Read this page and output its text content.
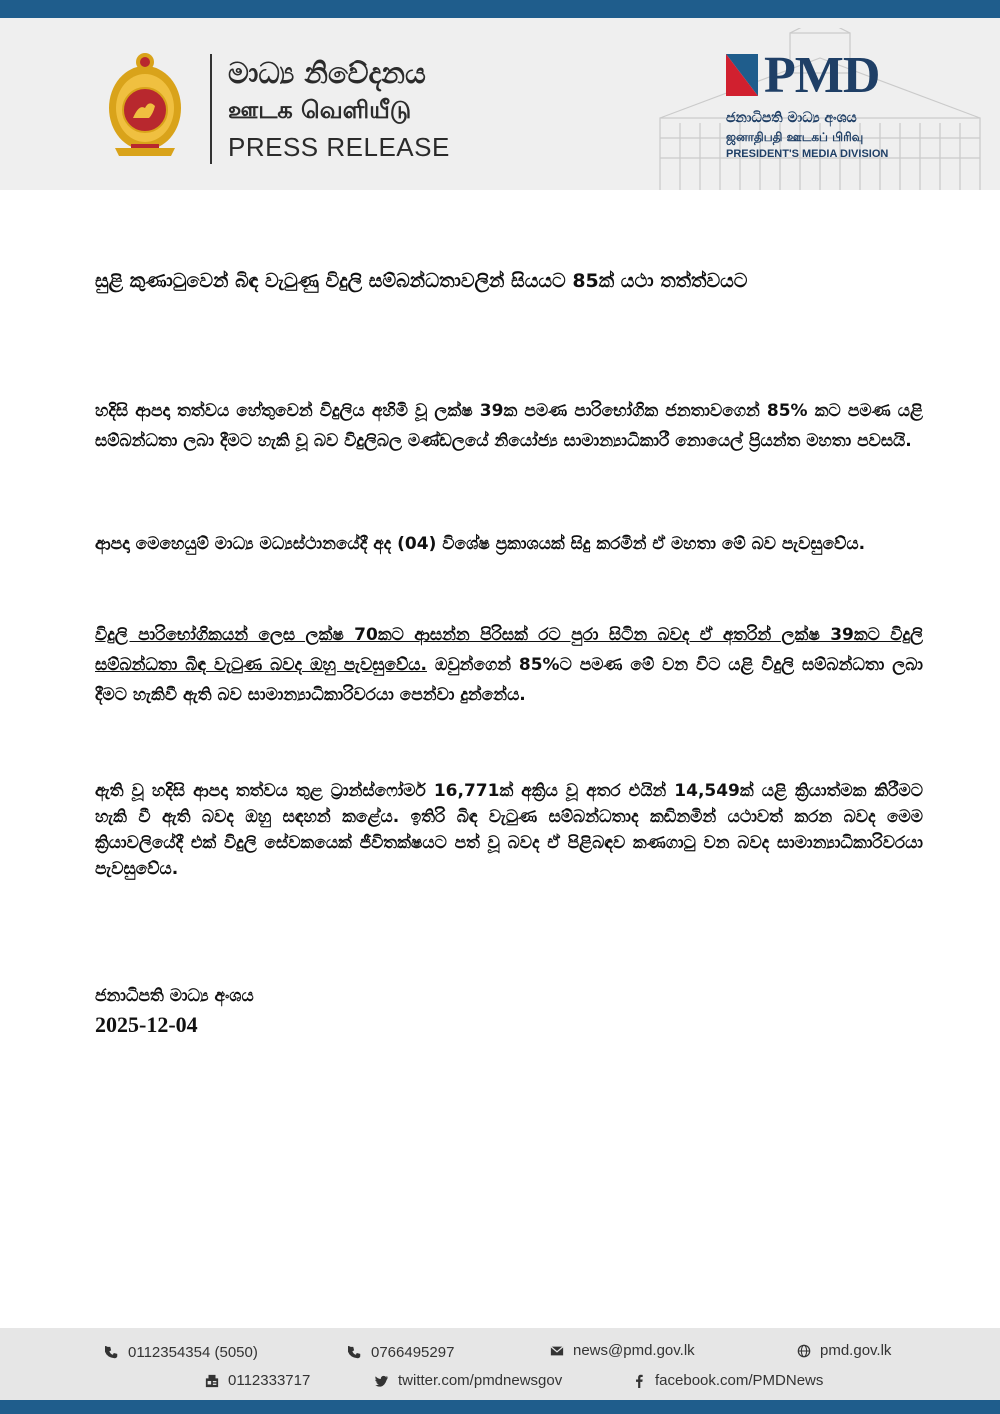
මාධ්‍ය නිවේදනය
ஊடக வெளியீடு
PRESS RELEASE
PMD
ජනාධිපති මාධ්‍ය අංශය
ஜனாதிபதி ஊடகப் பிரிவு
PRESIDENT'S MEDIA DIVISION
සුළි කුණාටුවෙන් බිඳ වැටුණු විදුලි සම්බන්ධතාවලින් සියයට 85ක් යථා තත්ත්වයට
හදිසි ආපදා තත්වය හේතුවෙන් විදුලිය අහිමි වූ ලක්ෂ 39ක පමණ පාරිභෝගික ජනතාවගෙන් 85% කට පමණ යළි සම්බන්ධතා ලබා දීමට හැකි වූ බව විදුලිබල මණ්ඩලයේ නියෝජ්‍ය සාමාන්‍යාධිකාරී නොයෙල් ප්‍රියන්ත මහතා පවසයි.
ආපදා මෙහෙයුම් මාධ්‍ය මධ්‍යස්ථානයේදී අද (04) විශේෂ ප්‍රකාශයක් සිදු කරමින් ඒ මහතා මේ බව පැවසුවේය.
විදුලි පාරිභෝගිකයන් ලෙස ලක්ෂ 70කට ආසන්න පිරිසක් රට පුරා සිටින බවද ඒ අතරින් ලක්ෂ 39කට විදුලි සම්බන්ධතා බිඳ වැටුණ බවද ඔහු පැවසුවේය. ඔවුන්ගෙන් 85%ට පමණ මේ වන විට යළි විදුලි සම්බන්ධතා ලබා දීමට හැකිවී ඇති බව සාමාන්‍යාධිකාරිවරයා පෙන්වා දුන්නේය.
ඇති වූ හදිසි ආපදා තත්වය තුළ ට්‍රාන්ස්ෆෝමර් 16,771ක් අක්‍රිය වූ අතර එයින් 14,549ක් යළි ක්‍රියාත්මක කිරීමට හැකි වී ඇති බවද ඔහු සඳහන් කළේය. ඉතිරි බිඳ වැටුණ සම්බන්ධතාද කඩිනමින් යථාවත් කරන බවද මෙම ක්‍රියාවලියේදී එක් විදුලි සේවකයෙක් ජීවිතක්ෂයට පත් වූ බවද ඒ පිළිබඳව කණගාටු වන බවද සාමාන්‍යාධිකාරිවරයා පැවසුවේය.
ජනාධිපති මාධ්‍ය අංශය
2025-12-04
0112354354 (5050)	0766495297	news@pmd.gov.lk	pmd.gov.lk
0112333717	twitter.com/pmdnewsgov	facebook.com/PMDNews
